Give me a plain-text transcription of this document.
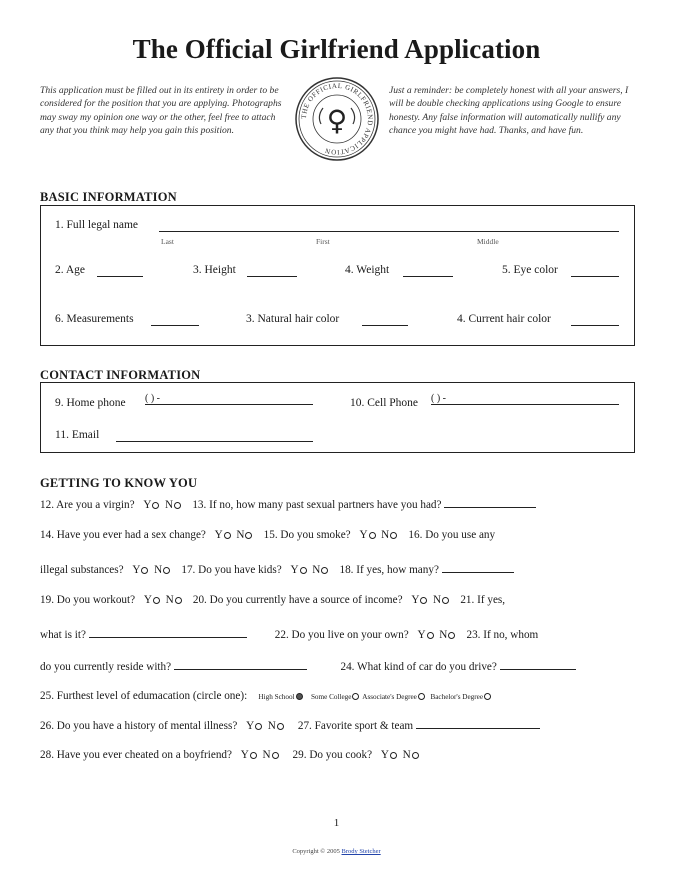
The Official Girlfriend Application
This application must be filled out in its entirety in order to be considered for the position that you are applying. Photographs may sway my opinion one way or the other, feel free to attach any that you think may help you gain this position.
THE OFFICIAL GIRLFRIEND APPLICATION
♀
Just a reminder: be completely honest with all your answers, I will be double checking applications using Google to ensure honesty. Any false information will automatically nullify any chance you might have had. Thanks, and have fun.
BASIC INFORMATION
1. Full legal name
Last	First	Middle
2. Age	3. Height	4. Weight	5. Eye color
6. Measurements	3. Natural hair color	4. Current hair color
CONTACT INFORMATION
9. Home phone ( ) -	10. Cell Phone ( ) -
11. Email
GETTING TO KNOW YOU
12. Are you a virgin? Y N 13. If no, how many past sexual partners have you had?
14. Have you ever had a sex change? Y N 15. Do you smoke? Y N 16. Do you use any
illegal substances? Y N 17. Do you have kids? Y N 18. If yes, how many?
19. Do you workout? Y N 20. Do you currently have a source of income? Y N 21. If yes,
what is it?	22. Do you live on your own? Y N 23. If no, whom
do you currently reside with?	24. What kind of car do you drive?
25. Furthest level of edumacation (circle one): High School Some College Associate's Degree Bachelor's Degree
26. Do you have a history of mental illness? Y N 27. Favorite sport & team
28. Have you ever cheated on a boyfriend? Y N 29. Do you cook? Y N
1
Copyright © 2005 Brody Stetcher
